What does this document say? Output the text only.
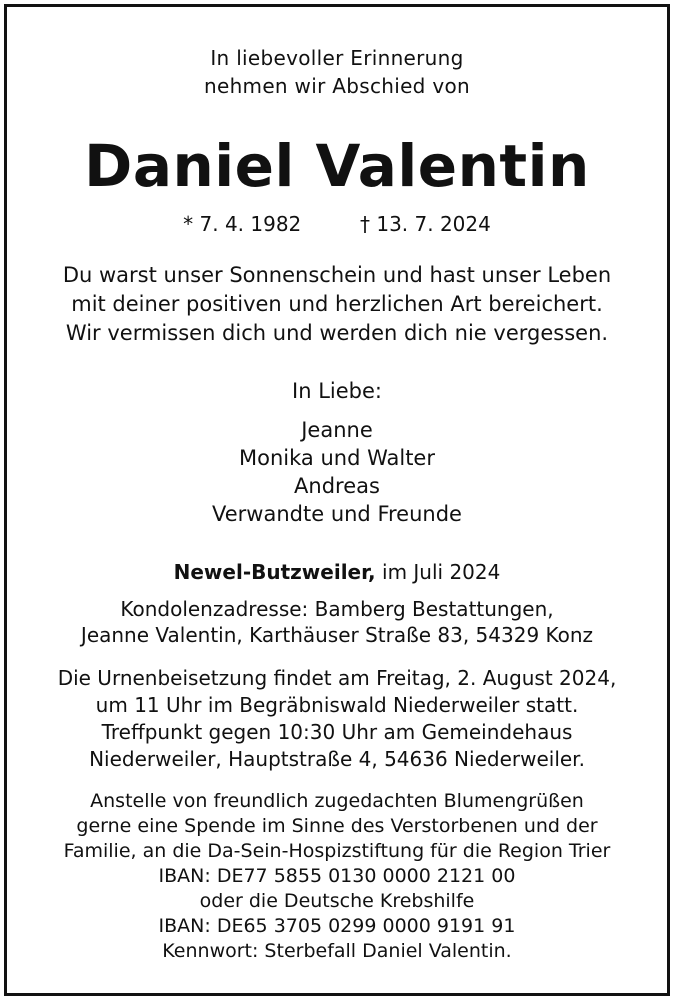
In liebevoller Erinnerung
nehmen wir Abschied von
Daniel Valentin
* 7. 4. 1982	† 13. 7. 2024
Du warst unser Sonnenschein und hast unser Leben
mit deiner positiven und herzlichen Art bereichert.
Wir vermissen dich und werden dich nie vergessen.
In Liebe:
Jeanne
Monika und Walter
Andreas
Verwandte und Freunde
Newel-Butzweiler, im Juli 2024
Kondolenzadresse: Bamberg Bestattungen,
Jeanne Valentin, Karthäuser Straße 83, 54329 Konz
Die Urnenbeisetzung findet am Freitag, 2. August 2024,
um 11 Uhr im Begräbniswald Niederweiler statt.
Treffpunkt gegen 10:30 Uhr am Gemeindehaus
Niederweiler, Hauptstraße 4, 54636 Niederweiler.
Anstelle von freundlich zugedachten Blumengrüßen
gerne eine Spende im Sinne des Verstorbenen und der
Familie, an die Da-Sein-Hospizstiftung für die Region Trier
IBAN: DE77 5855 0130 0000 2121 00
oder die Deutsche Krebshilfe
IBAN: DE65 3705 0299 0000 9191 91
Kennwort: Sterbefall Daniel Valentin.
